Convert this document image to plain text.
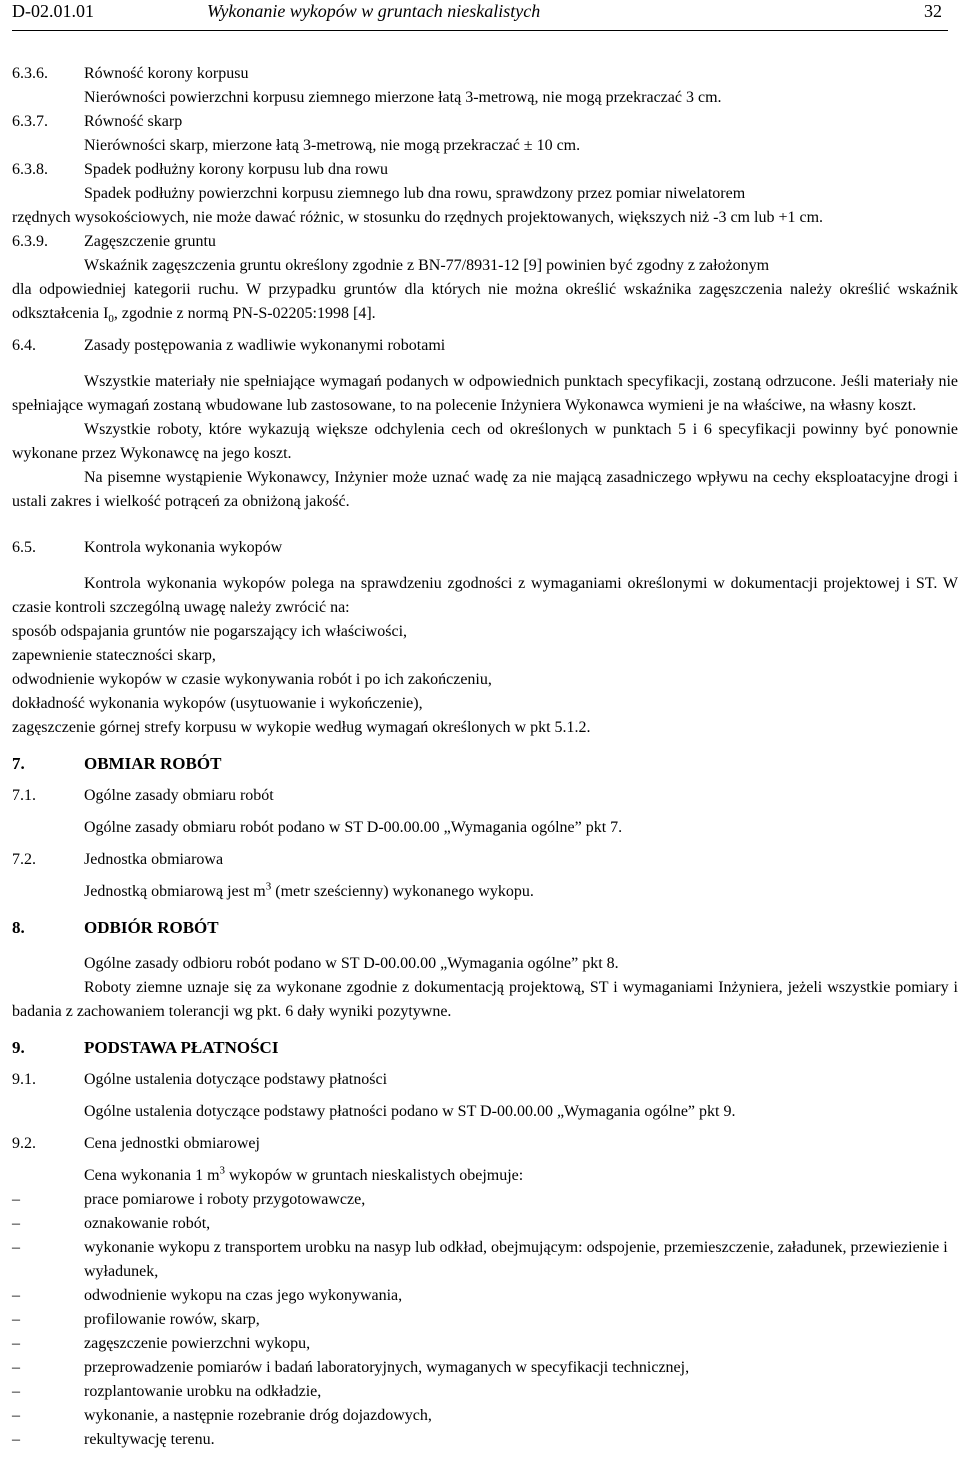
D-02.01.01	Wykonanie wykopów w gruntach nieskalistych	32
6.3.6.	Równość korony korpusu
Nierówności powierzchni korpusu ziemnego mierzone łatą 3-metrową, nie mogą przekraczać 3 cm.
6.3.7.	Równość skarp
Nierówności skarp, mierzone łatą 3-metrową, nie mogą przekraczać ± 10 cm.
6.3.8.	Spadek podłużny korony korpusu lub dna rowu
Spadek podłużny powierzchni korpusu ziemnego lub dna rowu, sprawdzony przez pomiar niwelatorem
rzędnych wysokościowych, nie może dawać różnic, w stosunku do rzędnych projektowanych, większych niż -3 cm lub +1 cm.
6.3.9.	Zagęszczenie gruntu
Wskaźnik zagęszczenia gruntu określony zgodnie z BN-77/8931-12 [9] powinien być zgodny z założonym
dla odpowiedniej kategorii ruchu. W przypadku gruntów dla których nie można określić wskaźnika zagęszczenia należy określić wskaźnik odkształcenia $I_0$, zgodnie z normą PN-S-02205:1998 [4].
6.4.	Zasady postępowania z wadliwie wykonanymi robotami
Wszystkie materiały nie spełniające wymagań podanych w odpowiednich punktach specyfikacji, zostaną odrzucone. Jeśli materiały nie spełniające wymagań zostaną wbudowane lub zastosowane, to na polecenie Inżyniera Wykonawca wymieni je na właściwe, na własny koszt.
Wszystkie roboty, które wykazują większe odchylenia cech od określonych w punktach 5 i 6 specyfikacji powinny być ponownie wykonane przez Wykonawcę na jego koszt.
Na pisemne wystąpienie Wykonawcy, Inżynier może uznać wadę za nie mającą zasadniczego wpływu na cechy eksploatacyjne drogi i ustali zakres i wielkość potrąceń za obniżoną jakość.
6.5.	Kontrola wykonania wykopów
Kontrola wykonania wykopów polega na sprawdzeniu zgodności z wymaganiami określonymi w dokumentacji projektowej i ST. W czasie kontroli szczególną uwagę należy zwrócić na:
sposób odspajania gruntów nie pogarszający ich właściwości,
zapewnienie stateczności skarp,
odwodnienie wykopów w czasie wykonywania robót i po ich zakończeniu,
dokładność wykonania wykopów (usytuowanie i wykończenie),
zagęszczenie górnej strefy korpusu w wykopie według wymagań określonych w pkt 5.1.2.
7.	OBMIAR ROBÓT
7.1.	Ogólne zasady obmiaru robót
Ogólne zasady obmiaru robót podano w ST D-00.00.00 „Wymagania ogólne” pkt 7.
7.2.	Jednostka obmiarowa
Jednostką obmiarową jest $m^3$ (metr sześcienny) wykonanego wykopu.
8.	ODBIÓR ROBÓT
Ogólne zasady odbioru robót podano w ST D-00.00.00 „Wymagania ogólne” pkt 8.
Roboty ziemne uznaje się za wykonane zgodnie z dokumentacją projektową, ST i wymaganiami Inżyniera, jeżeli wszystkie pomiary i badania z zachowaniem tolerancji wg pkt. 6 dały wyniki pozytywne.
9.	PODSTAWA PŁATNOŚCI
9.1.	Ogólne ustalenia dotyczące podstawy płatności
Ogólne ustalenia dotyczące podstawy płatności podano w ST D-00.00.00 „Wymagania ogólne” pkt 9.
9.2.	Cena jednostki obmiarowej
Cena wykonania 1 $m^3$ wykopów w gruntach nieskalistych obejmuje:
–	prace pomiarowe i roboty przygotowawcze,
–	oznakowanie robót,
–	wykonanie wykopu z transportem urobku na nasyp lub odkład, obejmującym: odspojenie, przemieszczenie, załadunek, przewiezienie i wyładunek,
–	odwodnienie wykopu na czas jego wykonywania,
–	profilowanie rowów, skarp,
–	zagęszczenie powierzchni wykopu,
–	przeprowadzenie pomiarów i badań laboratoryjnych, wymaganych w specyfikacji technicznej,
–	rozplantowanie urobku na odkładzie,
–	wykonanie, a następnie rozebranie dróg dojazdowych,
–	rekultywację terenu.
